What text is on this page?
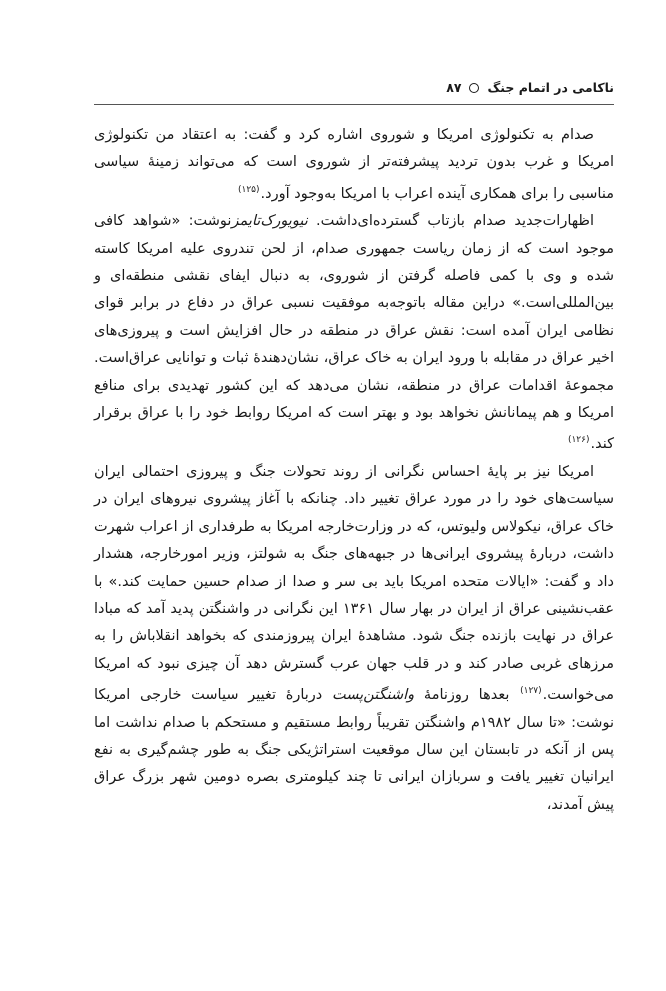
ناکامی در اتمام جنگ
۸۷

صدام به تکنولوژی امریکا و شوروی اشاره کرد و گفت: به اعتقاد من تکنولوژی امریکا و غرب بدون تردید پیشرفته‌تر از شوروی است که می‌تواند زمینهٔ سیاسی مناسبی را برای همکاری آینده اعراب با امریکا به‌وجود آورد.$^{(۱۲۵)}$

اظهارات‌جدید صدام بازتاب گسترده‌ای‌داشت. نیویورک‌تایمزنوشت: «شواهد کافی موجود است که از زمان ریاست جمهوری صدام، از لحن تندروی علیه امریکا کاسته شده و وی با کمی فاصله گرفتن از شوروی، به دنبال ایفای نقشی منطقه‌ای و بین‌المللی‌است.» دراین مقاله باتوجه‌به موفقیت نسبی عراق در دفاع در برابر قوای نظامی ایران آمده است: نقش عراق در منطقه در حال افزایش است و پیروزی‌های اخیر عراق در مقابله با ورود ایران به خاک عراق، نشان‌دهندهٔ ثبات و توانایی عراق‌است. مجموعهٔ اقدامات عراق در منطقه، نشان می‌دهد که این کشور تهدیدی برای منافع امریکا و هم پیمانانش نخواهد بود و بهتر است که امریکا روابط خود را با عراق برقرار کند.$^{(۱۲۶)}$

امریکا نیز بر پایهٔ احساس نگرانی از روند تحولات جنگ و پیروزی احتمالی ایران سیاست‌های خود را در مورد عراق تغییر داد. چنانکه با آغاز پیشروی نیروهای ایران در خاک عراق، نیکولاس ولیوتس، که در وزارت‌خارجه امریکا به طرفداری از اعراب شهرت داشت، دربارهٔ پیشروی ایرانی‌ها در جبهه‌های جنگ به شولتز، وزیر امورخارجه، هشدار داد و گفت: «ایالات متحده امریکا باید بی سر و صدا از صدام حسین حمایت کند.» با عقب‌نشینی عراق از ایران در بهار سال ۱۳۶۱ این نگرانی در واشنگتن پدید آمد که مبادا عراق در نهایت بازنده جنگ شود. مشاهدهٔ ایران پیروزمندی که بخواهد انقلاباش را به مرزهای غربی صادر کند و در قلب جهان عرب گسترش دهد آن چیزی نبود که امریکا می‌خواست.$^{(۱۲۷)}$ بعدها روزنامهٔ واشنگتن‌پست دربارهٔ تغییر سیاست خارجی امریکا نوشت: «تا سال ۱۹۸۲م واشنگتن تقریباً روابط مستقیم و مستحکم با صدام نداشت اما پس از آنکه در تابستان این سال موقعیت استراتژیکی جنگ به طور چشم‌گیری به نفع ایرانیان تغییر یافت و سربازان ایرانی تا چند کیلومتری بصره دومین شهر بزرگ عراق پیش آمدند،
